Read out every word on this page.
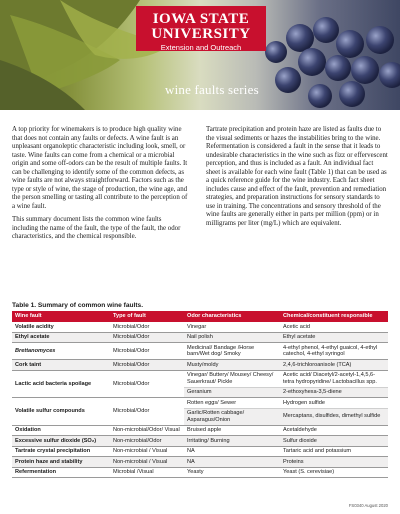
IOWA STATE
UNIVERSITY
Extension and Outreach
wine faults series

A top priority for winemakers is to produce high quality wine that does not contain any faults or defects. A wine fault is an unpleasant organoleptic characteristic including look, smell, or taste. Wine faults can come from a chemical or a microbial origin and some off-odors can be the result of multiple faults. It can be challenging to identify some of the common defects, as wine faults are not always straightforward. Factors such as the type or style of wine, the stage of production, the wine age, and the person smelling or tasting all contribute to the perception of a wine fault.

This summary document lists the common wine faults including the name of the fault, the type of the fault, the odor characteristics, and the chemical responsible.

Tartrate precipitation and protein haze are listed as faults due to the visual sediments or hazes the instabilities bring to the wine. Refermentation is considered a fault in the sense that it leads to undesirable characteristics in the wine such as fizz or effervescent perception, and thus is included as a fault. An individual fact sheet is available for each wine fault (Table 1) that can be used as a quick reference guide for the wine industry. Each fact sheet includes cause and effect of the fault, prevention and remediation strategies, and preparation instructions for sensory standards to use in training. The concentrations and sensory threshold of the wine faults are generally either in parts per million (ppm) or in milligrams per liter (mg/L) which are equivalent.

Table 1. Summary of common wine faults.
Wine fault	Type of fault	Odor characteristics	Chemical/constituent responsible
Volatile acidity	Microbial/Odor	Vinegar	Acetic acid
Ethyl acetate	Microbial/Odor	Nail polish	Ethyl acetate
Brettanomyces	Microbial/Odor	Medicinal/ Bandage /Horse barn/Wet dog/ Smoky	4-ethyl phenol, 4-ethyl guaicol, 4-ethyl catechol, 4-ethyl syringol
Cork taint	Microbial/Odor	Musty/moldy	2,4,6-trichloroanisole (TCA)
Lactic acid bacteria spoilage	Microbial/Odor	Vinegar/ Buttery/ Mousey/ Cheesy/ Sauerkraut/ Pickle	Acetic acid/ Diacetyl/2-acetyl-1,4,5,6-tetra hydropyridine/ Lactobacillus spp.
		Geranium	2-ethoxyhexa-3,5-diene
Volatile sulfur compounds	Microbial/Odor	Rotten eggs/ Sewer	Hydrogen sulfide
		Garlic/Rotten cabbage/ Asparagus/Onion	Mercaptans, disulfides, dimethyl sulfide
Oxidation	Non-microbial/Odor/ Visual	Bruised apple	Acetaldehyde
Excessive sulfur dioxide (SO₂)	Non-microbial/Odor	Irritating/ Burning	Sulfur dioxide
Tartrate crystal precipitation	Non-microbial / Visual	NA	Tartaric acid and potassium
Protein haze and stability	Non-microbial / Visual	NA	Proteins
Refermentation	Microbial /Visual	Yeasty	Yeast (S. cerevisiae)
FS0340 August 2020
